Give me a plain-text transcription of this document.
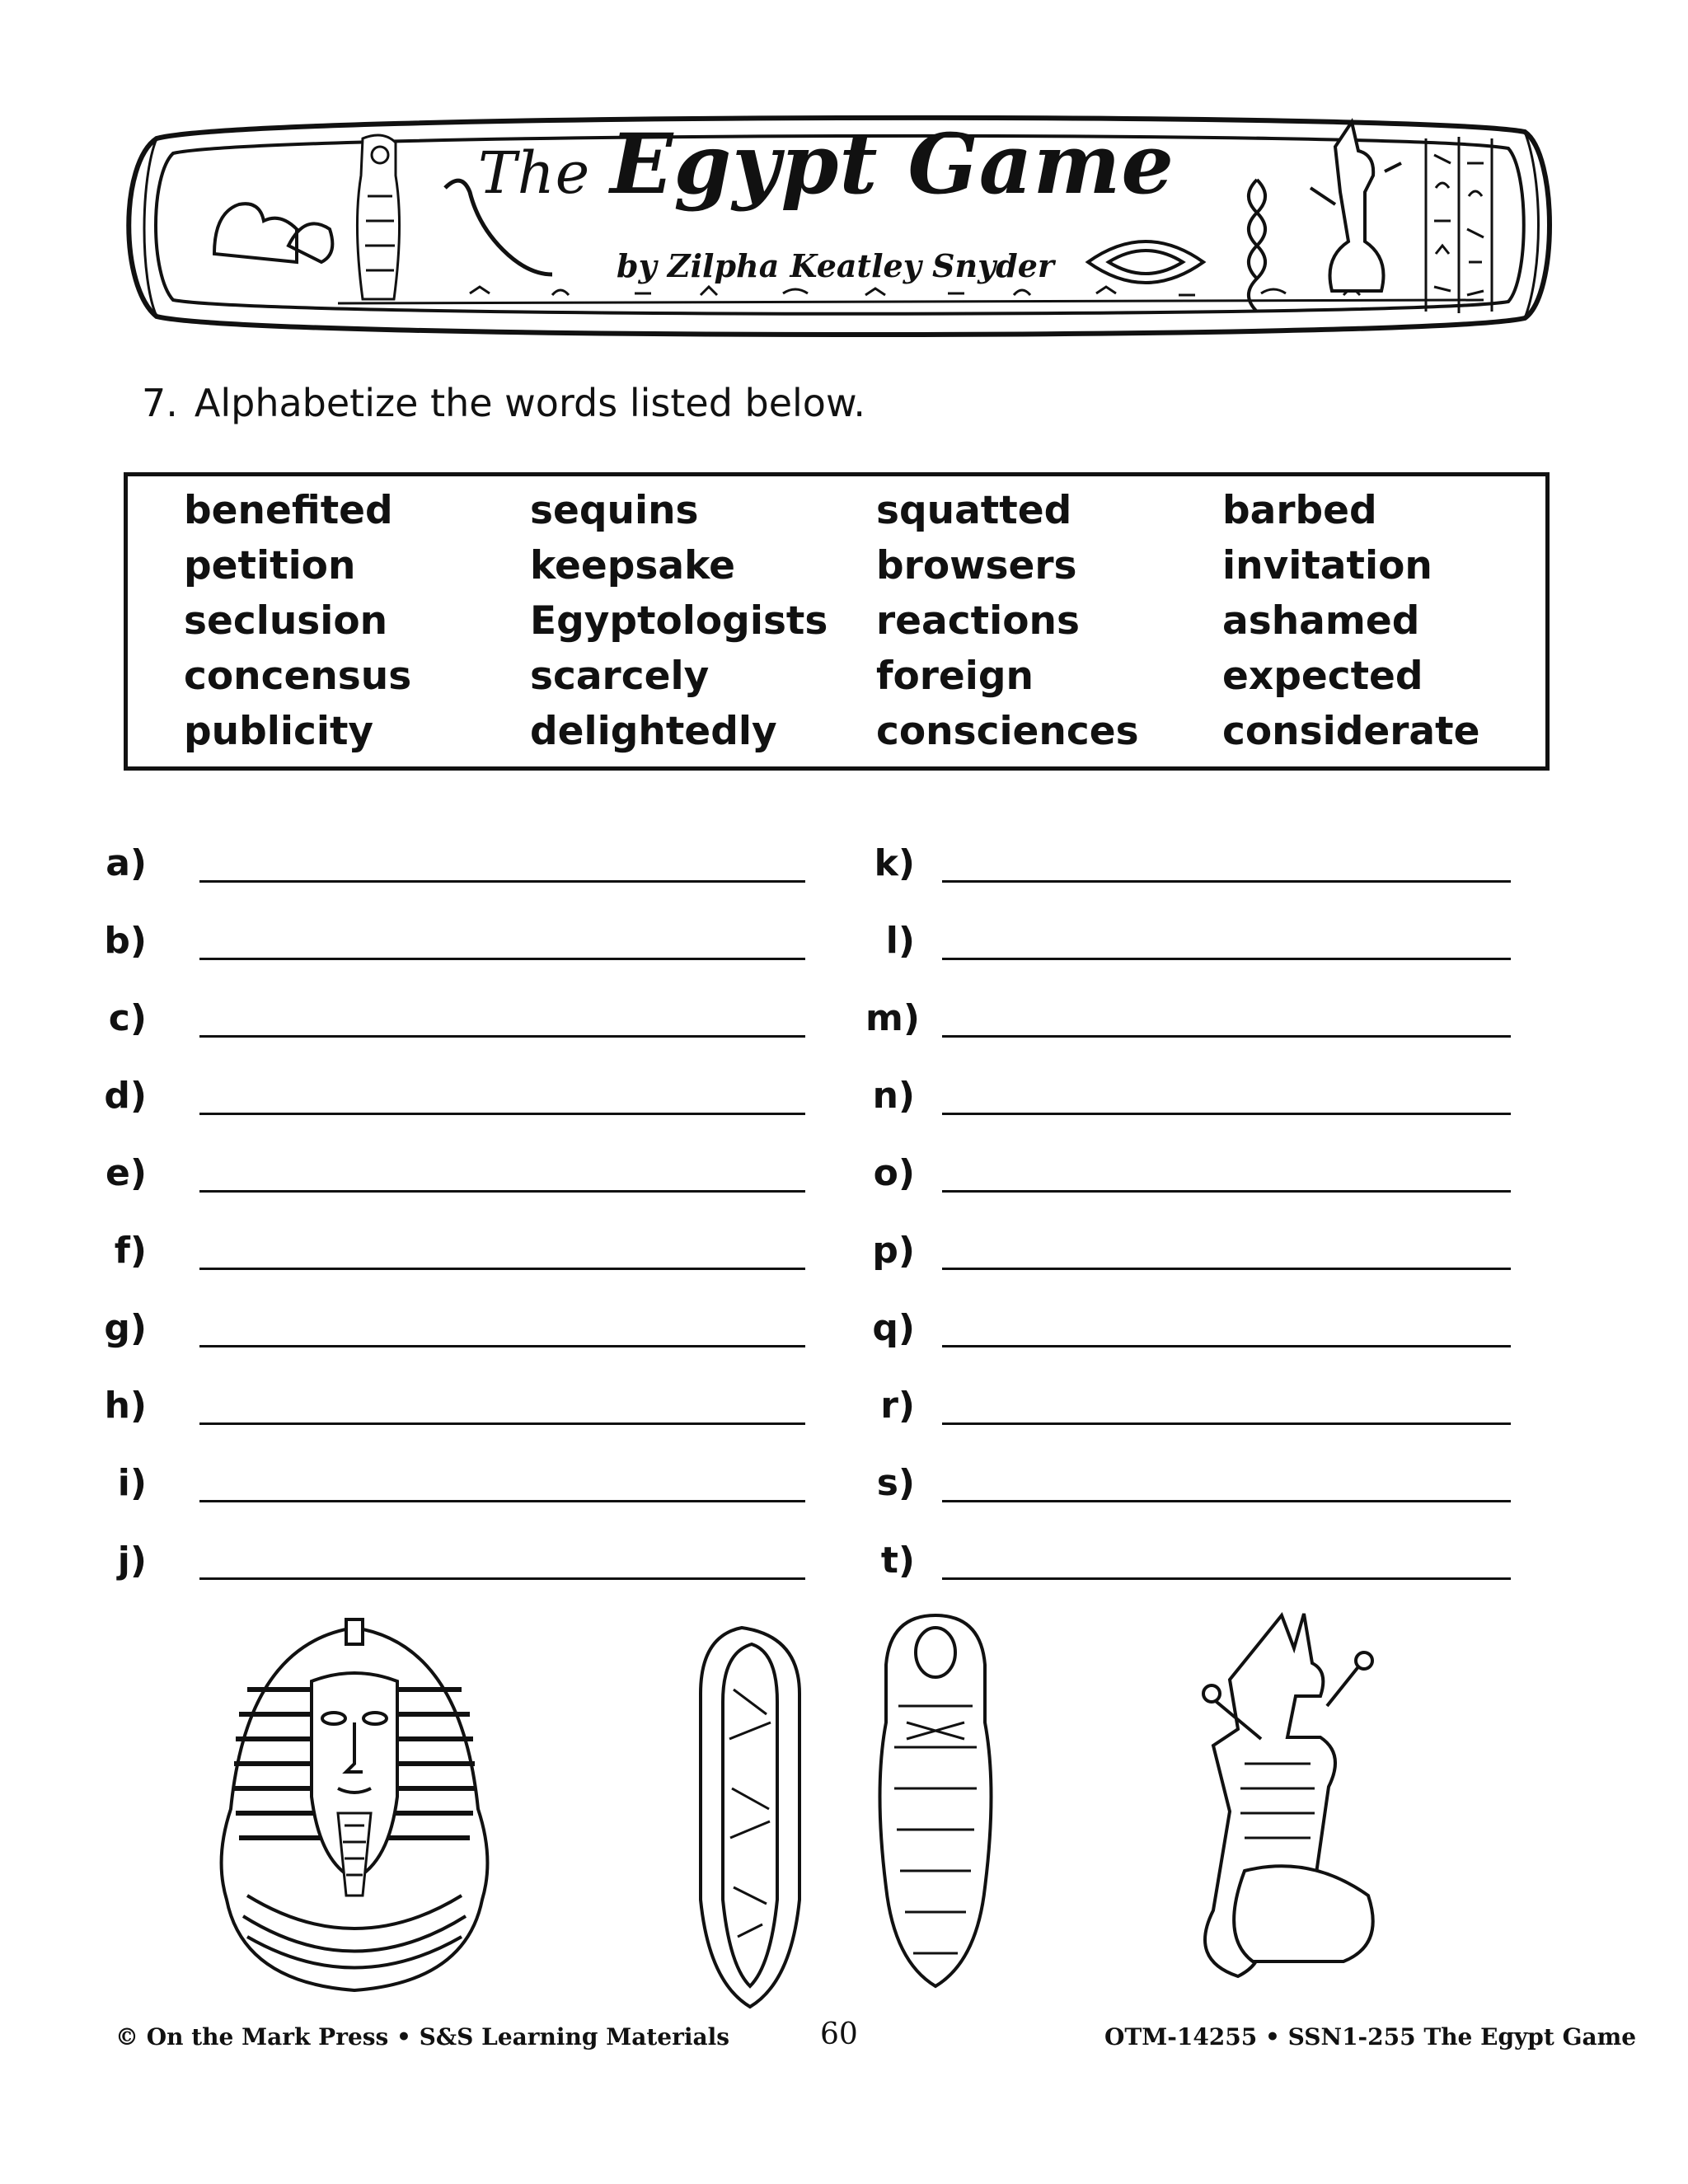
The Egypt Game
by Zilpha Keatley Snyder
7. Alphabetize the words listed below.
benefited
petition
seclusion
concensus
publicity
sequins
keepsake
Egyptologists
scarcely
delightedly
squatted
browsers
reactions
foreign
consciences
barbed
invitation
ashamed
expected
considerate
a)
b)
c)
d)
e)
f)
g)
h)
i)
j)
k)
l)
m)
n)
o)
p)
q)
r)
s)
t)
© On the Mark Press • S&S Learning Materials	60	OTM-14255 • SSN1-255 The Egypt Game
